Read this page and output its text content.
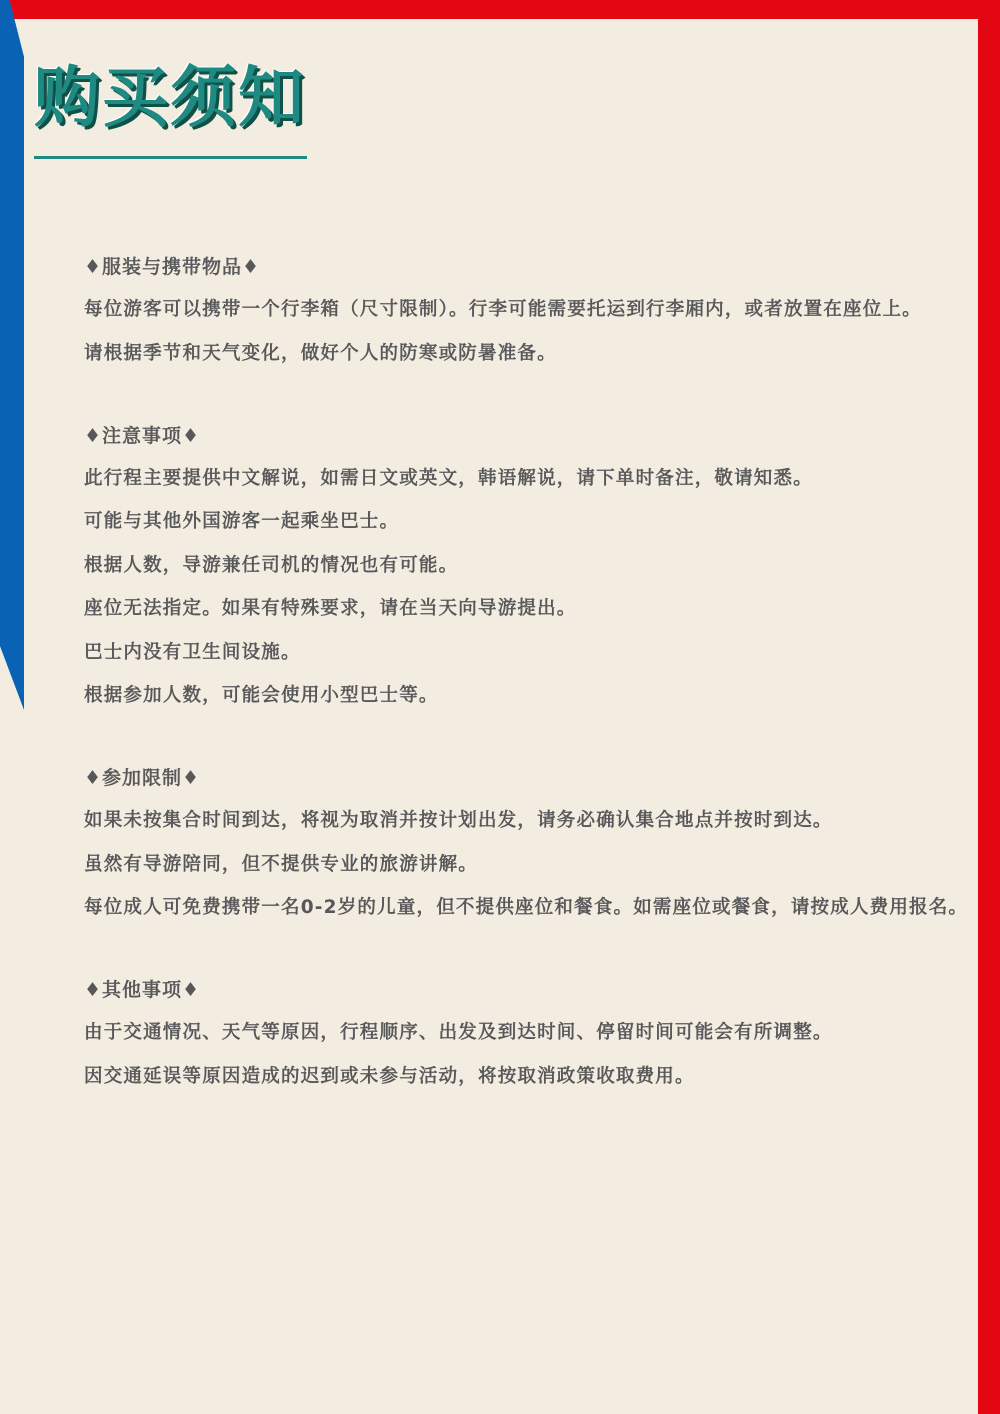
购买须知
♦服装与携带物品♦
每位游客可以携带一个行李箱（尺寸限制）。行李可能需要托运到行李厢内，或者放置在座位上。
请根据季节和天气变化，做好个人的防寒或防暑准备。
♦注意事项♦
此行程主要提供中文解说，如需日文或英文，韩语解说，请下单时备注，敬请知悉。
可能与其他外国游客一起乘坐巴士。
根据人数，导游兼任司机的情况也有可能。
座位无法指定。如果有特殊要求，请在当天向导游提出。
巴士内没有卫生间设施。
根据参加人数，可能会使用小型巴士等。
♦参加限制♦
如果未按集合时间到达，将视为取消并按计划出发，请务必确认集合地点并按时到达。
虽然有导游陪同，但不提供专业的旅游讲解。
每位成人可免费携带一名0-2岁的儿童，但不提供座位和餐食。如需座位或餐食，请按成人费用报名。
♦其他事项♦
由于交通情况、天气等原因，行程顺序、出发及到达时间、停留时间可能会有所调整。
因交通延误等原因造成的迟到或未参与活动，将按取消政策收取费用。
